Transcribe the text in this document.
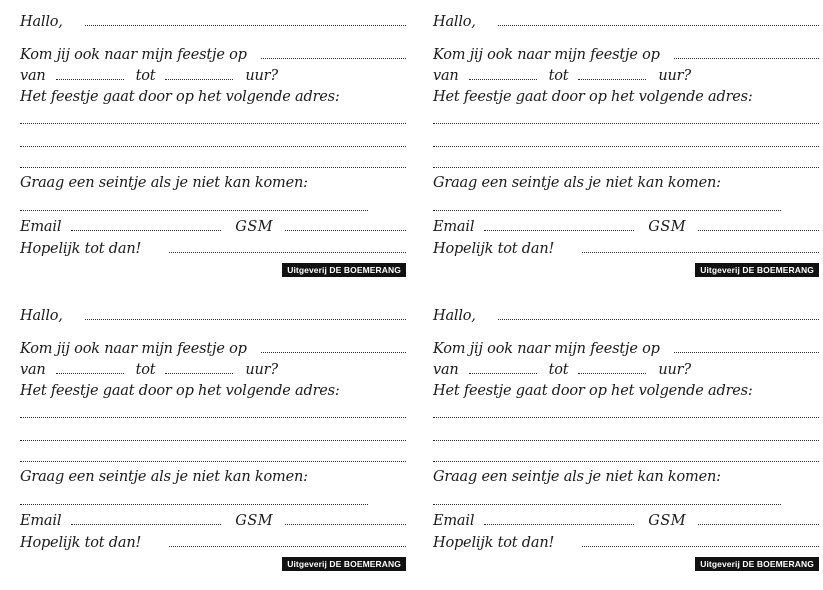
Hallo,
Kom jij ook naar mijn feestje op
van	tot	uur?
Het feestje gaat door op het volgende adres:
Graag een seintje als je niet kan komen:
Email	GSM
Hopelijk tot dan!
Uitgeverij DE BOEMERANG
Hallo,
Kom jij ook naar mijn feestje op
van	tot	uur?
Het feestje gaat door op het volgende adres:
Graag een seintje als je niet kan komen:
Email	GSM
Hopelijk tot dan!
Uitgeverij DE BOEMERANG
Hallo,
Kom jij ook naar mijn feestje op
van	tot	uur?
Het feestje gaat door op het volgende adres:
Graag een seintje als je niet kan komen:
Email	GSM
Hopelijk tot dan!
Uitgeverij DE BOEMERANG
Hallo,
Kom jij ook naar mijn feestje op
van	tot	uur?
Het feestje gaat door op het volgende adres:
Graag een seintje als je niet kan komen:
Email	GSM
Hopelijk tot dan!
Uitgeverij DE BOEMERANG
